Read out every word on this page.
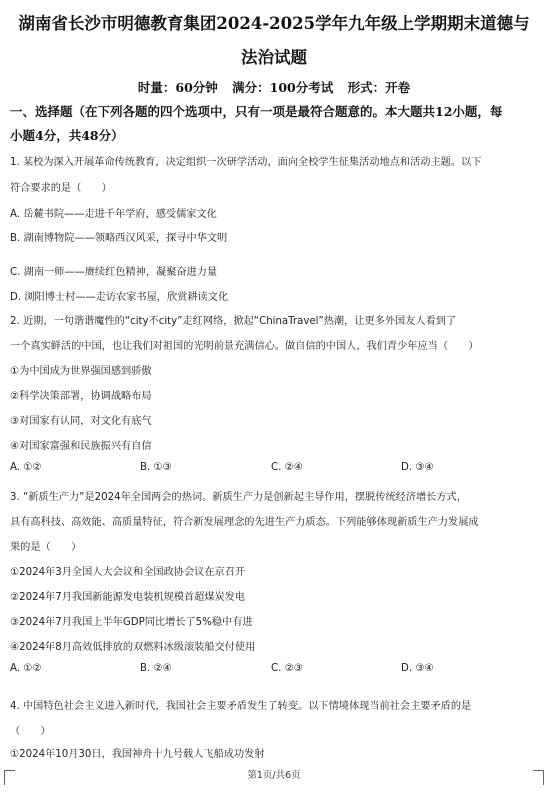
湖南省长沙市明德教育集团2024-2025学年九年级上学期期末道德与
法治试题
时量：60分钟 满分：100分考试 形式：开卷
一、选择题（在下列各题的四个选项中，只有一项是最符合题意的。本大题共12小题，每
小题4分，共48分）
1. 某校为深入开展革命传统教育，决定组织一次研学活动，面向全校学生征集活动地点和活动主题。以下
符合要求的是（　　）
A. 岳麓书院——走进千年学府，感受儒家文化
B. 湖南博物院——领略西汉风采，探寻中华文明
C. 湖南一师——赓续红色精神，凝聚奋进力量
D. 浏阳博士村——走访农家书屋，欣赏耕读文化
2. 近期，一句谐谐魔性的“city不city”走红网络，掀起“ChinaTravel”热潮，让更多外国友人看到了
一个真实鲜活的中国，也让我们对祖国的光明前景充满信心。做自信的中国人，我们青少年应当（　　）
①为中国成为世界强国感到骄傲
②科学决策部署，协调战略布局
③对国家有认同，对文化有底气
④对国家富强和民族振兴有自信
A. ①②	B. ①③	C. ②④	D. ③④
3. “新质生产力”是2024年全国两会的热词。新质生产力是创新起主导作用，摆脱传统经济增长方式，
具有高科技、高效能、高质量特征，符合新发展理念的先进生产力质态。下列能够体现新质生产力发展成
果的是（　　）
①2024年3月全国人大会议和全国政协会议在京召开
②2024年7月我国新能源发电装机规模首超煤炭发电
③2024年7月我国上半年GDP同比增长了5%稳中有进
④2024年8月高效低排放的双燃料冰级滚装船交付使用
A. ①②	B. ②④	C. ②③	D. ③④
4. 中国特色社会主义进入新时代，我国社会主要矛盾发生了转变。以下情境体现当前社会主要矛盾的是
（　　）
①2024年10月30日，我国神舟十九号载人飞船成功发射
第1页/共6页
